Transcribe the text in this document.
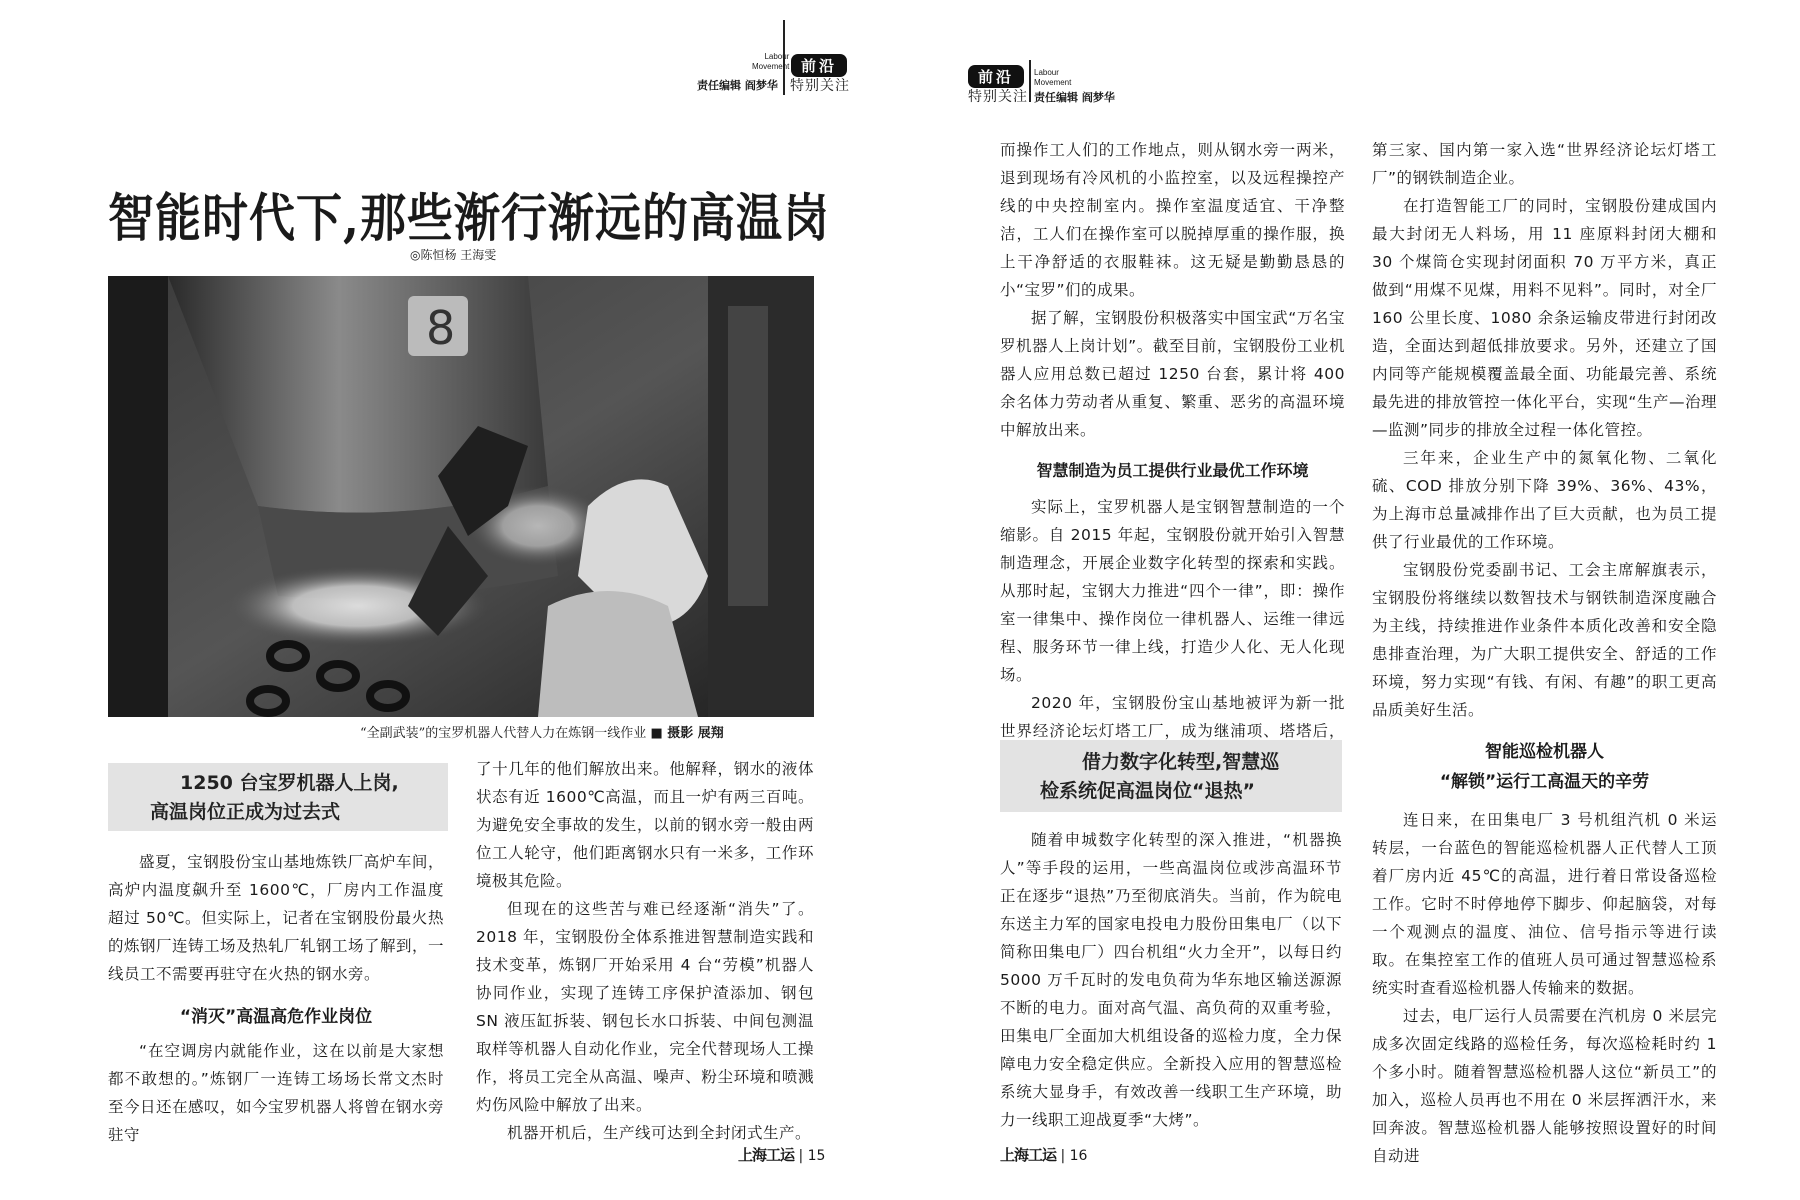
Labour
Movement 前沿
责任编辑 阎梦华 特别关注	前沿	Labour
Movement
特别关注 责任编辑 阎梦华
智能时代下,那些渐行渐远的高温岗
◎陈恒杨 王海雯
8
“全副武装”的宝罗机器人代替人力在炼钢一线作业 ■ 摄影 展翔
1250 台宝罗机器人上岗,
高温岗位正成为过去式

盛夏，宝钢股份宝山基地炼铁厂高炉车间，高炉内温度飙升至 1600℃，厂房内工作温度超过 50℃。但实际上，记者在宝钢股份最火热的炼钢厂连铸工场及热轧厂轧钢工场了解到，一线员工不需要再驻守在火热的钢水旁。

“消灭”高温高危作业岗位

“在空调房内就能作业，这在以前是大家想都不敢想的。”炼钢厂一连铸工场场长常文杰时至今日还在感叹，如今宝罗机器人将曾在钢水旁驻守

了十几年的他们解放出来。他解释，钢水的液体状态有近 1600℃高温，而且一炉有两三百吨。为避免安全事故的发生，以前的钢水旁一般由两位工人轮守，他们距离钢水只有一米多，工作环境极其危险。

但现在的这些苦与难已经逐渐“消失”了。2018 年，宝钢股份全体系推进智慧制造实践和技术变革，炼钢厂开始采用 4 台“劳模”机器人协同作业，实现了连铸工序保护渣添加、钢包 SN 液压缸拆装、钢包长水口拆装、中间包测温取样等机器人自动化作业，完全代替现场人工操作，将员工完全从高温、噪声、粉尘环境和喷溅灼伤风险中解放了出来。

机器开机后，生产线可达到全封闭式生产。

而操作工人们的工作地点，则从钢水旁一两米，退到现场有冷风机的小监控室，以及远程操控产线的中央控制室内。操作室温度适宜、干净整洁，工人们在操作室可以脱掉厚重的操作服，换上干净舒适的衣服鞋袜。这无疑是勤勤恳恳的小“宝罗”们的成果。

据了解，宝钢股份积极落实中国宝武“万名宝罗机器人上岗计划”。截至目前，宝钢股份工业机器人应用总数已超过 1250 台套，累计将 400 余名体力劳动者从重复、繁重、恶劣的高温环境中解放出来。

智慧制造为员工提供行业最优工作环境

实际上，宝罗机器人是宝钢智慧制造的一个缩影。自 2015 年起，宝钢股份就开始引入智慧制造理念，开展企业数字化转型的探索和实践。从那时起，宝钢大力推进“四个一律”，即：操作室一律集中、操作岗位一律机器人、运维一律远程、服务环节一律上线，打造少人化、无人化现场。

2020 年，宝钢股份宝山基地被评为新一批世界经济论坛灯塔工厂，成为继浦项、塔塔后，

第三家、国内第一家入选“世界经济论坛灯塔工厂”的钢铁制造企业。

在打造智能工厂的同时，宝钢股份建成国内最大封闭无人料场，用 11 座原料封闭大棚和 30 个煤筒仓实现封闭面积 70 万平方米，真正做到“用煤不见煤，用料不见料”。同时，对全厂 160 公里长度、1080 余条运输皮带进行封闭改造，全面达到超低排放要求。另外，还建立了国内同等产能规模覆盖最全面、功能最完善、系统最先进的排放管控一体化平台，实现“生产—治理—监测”同步的排放全过程一体化管控。

三年来，企业生产中的氮氧化物、二氧化硫、COD 排放分别下降 39%、36%、43%，为上海市总量减排作出了巨大贡献，也为员工提供了行业最优的工作环境。

宝钢股份党委副书记、工会主席解旗表示，宝钢股份将继续以数智技术与钢铁制造深度融合为主线，持续推进作业条件本质化改善和安全隐患排查治理，为广大职工提供安全、舒适的工作环境，努力实现“有钱、有闲、有趣”的职工更高品质美好生活。

借力数字化转型,智慧巡
检系统促高温岗位“退热”

随着申城数字化转型的深入推进，“机器换人”等手段的运用，一些高温岗位或涉高温环节正在逐步“退热”乃至彻底消失。当前，作为皖电东送主力军的国家电投电力股份田集电厂（以下简称田集电厂）四台机组“火力全开”，以每日约 5000 万千瓦时的发电负荷为华东地区输送源源不断的电力。面对高气温、高负荷的双重考验，田集电厂全面加大机组设备的巡检力度，全力保障电力安全稳定供应。全新投入应用的智慧巡检系统大显身手，有效改善一线职工生产环境，助力一线职工迎战夏季“大烤”。

智能巡检机器人

“解锁”运行工高温天的辛劳

连日来，在田集电厂 3 号机组汽机 0 米运转层，一台蓝色的智能巡检机器人正代替人工顶着厂房内近 45℃的高温，进行着日常设备巡检工作。它时不时停地停下脚步、仰起脑袋，对每一个观测点的温度、油位、信号指示等进行读取。在集控室工作的值班人员可通过智慧巡检系统实时查看巡检机器人传输来的数据。

过去，电厂运行人员需要在汽机房 0 米层完成多次固定线路的巡检任务，每次巡检耗时约 1 个多小时。随着智慧巡检机器人这位“新员工”的加入，巡检人员再也不用在 0 米层挥洒汗水，来回奔波。智慧巡检机器人能够按照设置好的时间自动进

上海工运 | 15	上海工运 | 16
